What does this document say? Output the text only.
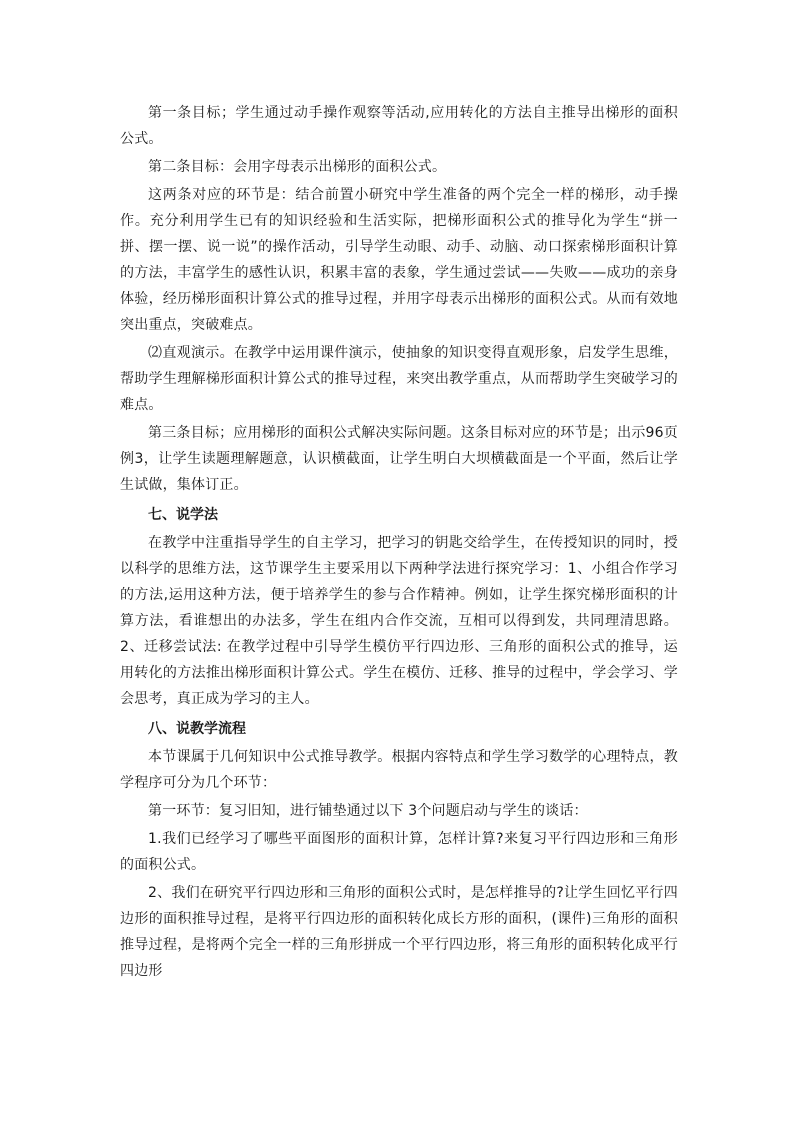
第一条目标；学生通过动手操作观察等活动,应用转化的方法自主推导出梯形的面积公式。

第二条目标：会用字母表示出梯形的面积公式。

这两条对应的环节是：结合前置小研究中学生准备的两个完全一样的梯形，动手操作。充分利用学生已有的知识经验和生活实际，把梯形面积公式的推导化为学生“拼一拼、摆一摆、说一说”的操作活动，引导学生动眼、动手、动脑、动口探索梯形面积计算的方法，丰富学生的感性认识，积累丰富的表象，学生通过尝试——失败——成功的亲身体验，经历梯形面积计算公式的推导过程，并用字母表示出梯形的面积公式。从而有效地突出重点，突破难点。

⑵直观演示。在教学中运用课件演示，使抽象的知识变得直观形象，启发学生思维，帮助学生理解梯形面积计算公式的推导过程，来突出教学重点，从而帮助学生突破学习的难点。

第三条目标；应用梯形的面积公式解决实际问题。这条目标对应的环节是；出示96页例3，让学生读题理解题意，认识横截面，让学生明白大坝横截面是一个平面，然后让学生试做，集体订正。

七、说学法

在教学中注重指导学生的自主学习，把学习的钥匙交给学生，在传授知识的同时，授以科学的思维方法，这节课学生主要采用以下两种学法进行探究学习：1、小组合作学习的方法,运用这种方法，便于培养学生的参与合作精神。例如，让学生探究梯形面积的计算方法，看谁想出的办法多，学生在组内合作交流，互相可以得到发，共同理清思路。2、迁移尝试法: 在教学过程中引导学生模仿平行四边形、三角形的面积公式的推导，运用转化的方法推出梯形面积计算公式。学生在模仿、迁移、推导的过程中，学会学习、学会思考，真正成为学习的主人。

八、说教学流程

本节课属于几何知识中公式推导教学。根据内容特点和学生学习数学的心理特点，教学程序可分为几个环节：

第一环节：复习旧知，进行铺垫通过以下 3个问题启动与学生的谈话：

1.我们已经学习了哪些平面图形的面积计算，怎样计算?来复习平行四边形和三角形的面积公式。

2、我们在研究平行四边形和三角形的面积公式时，是怎样推导的?让学生回忆平行四边形的面积推导过程，是将平行四边形的面积转化成长方形的面积，(课件)三角形的面积推导过程，是将两个完全一样的三角形拼成一个平行四边形，将三角形的面积转化成平行四边形
